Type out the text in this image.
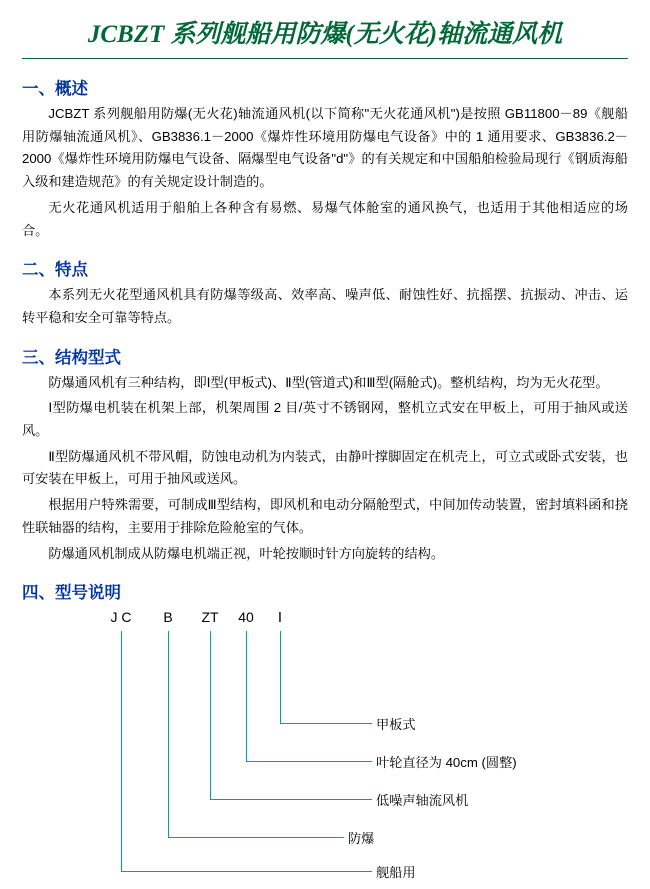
JCBZT 系列舰船用防爆(无火花)轴流通风机
一、概述

JCBZT 系列舰船用防爆(无火花)轴流通风机(以下简称"无火花通风机")是按照 GB11800－89《舰船用防爆轴流通风机》、GB3836.1－2000《爆炸性环境用防爆电气设备》中的 1 通用要求、GB3836.2－2000《爆炸性环境用防爆电气设备、隔爆型电气设备"d"》的有关规定和中国船舶检验局现行《钢质海船入级和建造规范》的有关规定设计制造的。

无火花通风机适用于船舶上各种含有易燃、易爆气体舱室的通风换气，也适用于其他相适应的场合。

二、特点

本系列无火花型通风机具有防爆等级高、效率高、噪声低、耐蚀性好、抗摇摆、抗振动、冲击、运转平稳和安全可靠等特点。

三、结构型式

防爆通风机有三种结构，即Ⅰ型(甲板式)、Ⅱ型(管道式)和Ⅲ型(隔舱式)。整机结构，均为无火花型。

Ⅰ型防爆电机装在机架上部，机架周围 2 目/英寸不锈钢网，整机立式安在甲板上，可用于抽风或送风。

Ⅱ型防爆通风机不带风帽，防蚀电动机为内装式，由静叶撑脚固定在机壳上，可立式或卧式安装，也可安装在甲板上，可用于抽风或送风。

根据用户特殊需要，可制成Ⅲ型结构，即风机和电动分隔舱型式，中间加传动装置，密封填料函和挠性联轴器的结构，主要用于排除危险舱室的气体。

防爆通风机制成从防爆电机端正视，叶轮按顺时针方向旋转的结构。

四、型号说明
J C B ZT 40 Ⅰ
甲板式
叶轮直径为 40cm (圆整)
低噪声轴流风机
防爆
舰船用
